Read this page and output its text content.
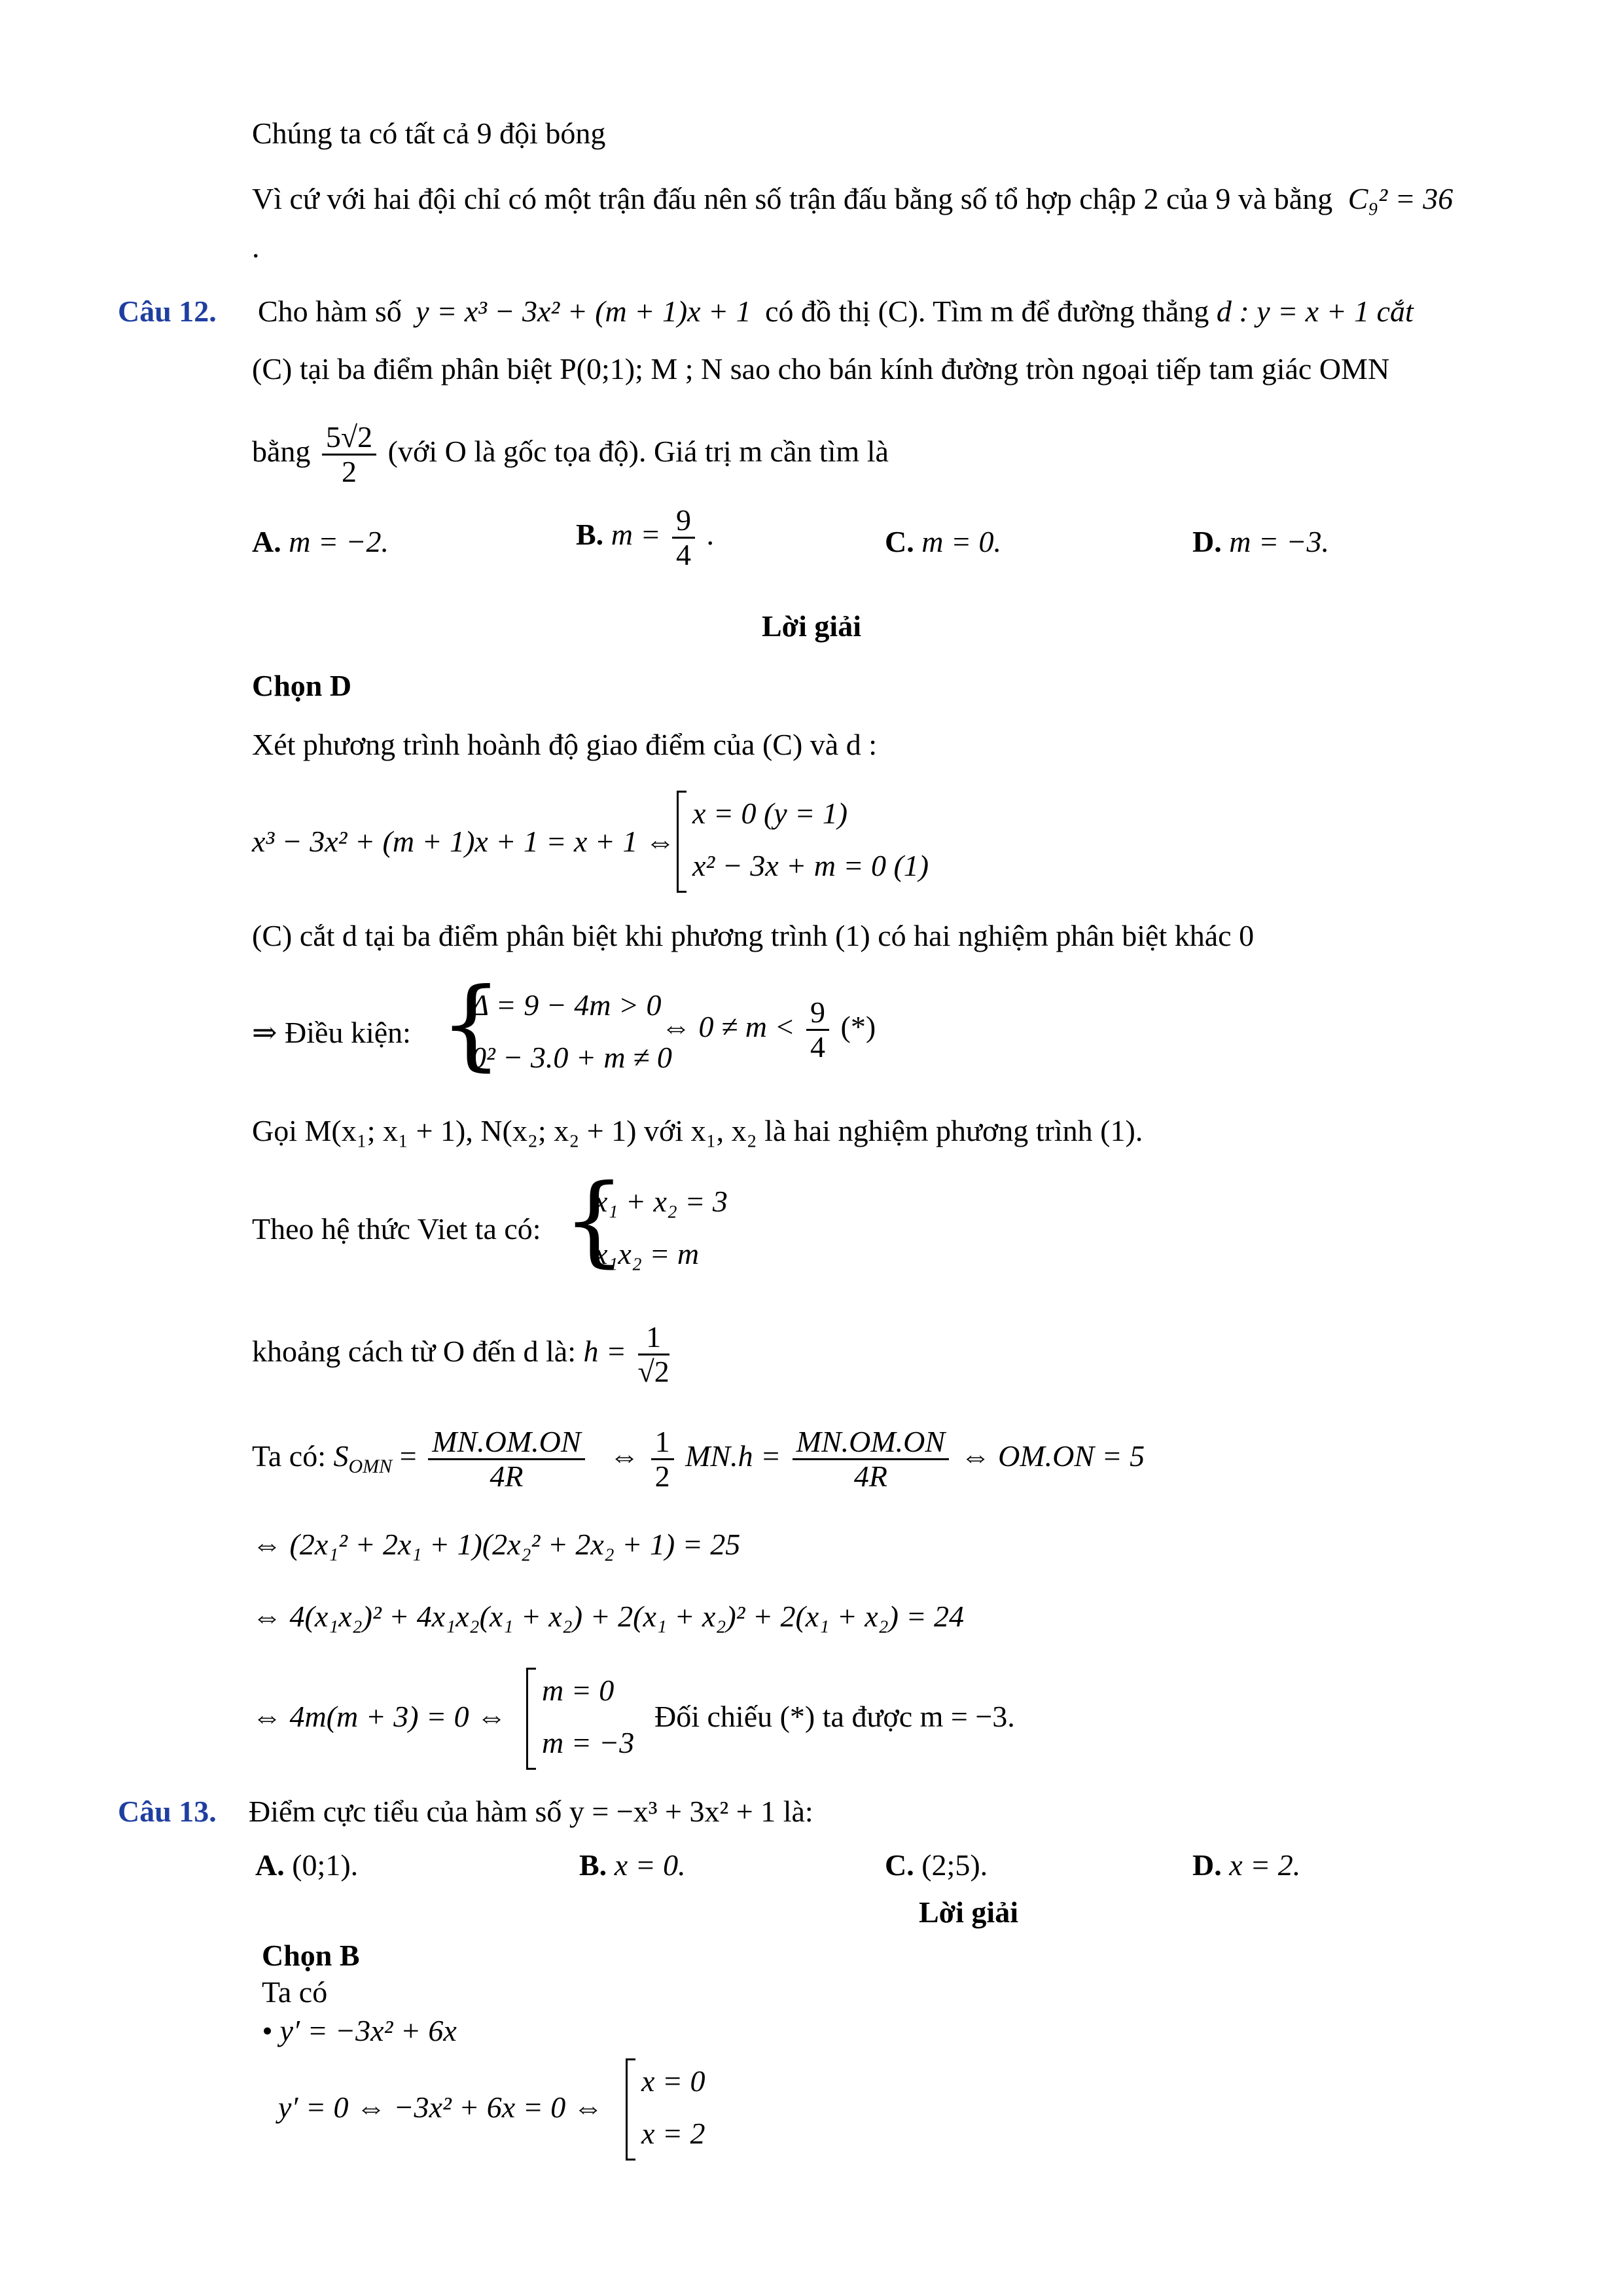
Chúng ta có tất cả 9 đội bóng
Vì cứ với hai đội chỉ có một trận đấu nên số trận đấu bằng số tổ hợp chập 2 của 9 và bằng C₉² = 36
.
Câu 12. Cho hàm số y = x³ − 3x² + (m + 1)x + 1 có đồ thị (C). Tìm m để đường thẳng d : y = x + 1 cắt
(C) tại ba điểm phân biệt P(0;1); M ; N sao cho bán kính đường tròn ngoại tiếp tam giác OMN
bằng $\frac{5√2}{2}$ (với O là gốc tọa độ). Giá trị m cần tìm là
A. m = −2.	B. $m = \frac{9}{4}$ .	C. m = 0.	D. m = −3.
Lời giải
Chọn D
Xét phương trình hoành độ giao điểm của (C) và d :
x³ − 3x² + (m + 1)x + 1 = x + 1 ⇔
x = 0 (y = 1)
x² − 3x + m = 0 (1)
(C) cắt d tại ba điểm phân biệt khi phương trình (1) có hai nghiệm phân biệt khác 0
⇒ Điều kiện: {
Δ = 9 − 4m > 0
0² − 3.0 + m ≠ 0
⇔ $0 \ne m < \frac{9}{4}$ (*)
Gọi M(x₁; x₁ + 1), N(x₂; x₂ + 1) với x₁, x₂ là hai nghiệm phương trình (1).
Theo hệ thức Viet ta có: {
x₁ + x₂ = 3
x₁x₂ = m
khoảng cách từ O đến d là: $h = \frac{1}{√2}$
Ta có: $S_{OMN} = \frac{MN.OM.ON}{4R}$ ⇔ $\frac{1}{2} MN.h = \frac{MN.OM.ON}{4R}$ ⇔ OM.ON = 5
⇔ (2x₁² + 2x₁ + 1)(2x₂² + 2x₂ + 1) = 25
⇔ 4(x₁x₂)² + 4x₁x₂(x₁ + x₂) + 2(x₁ + x₂)² + 2(x₁ + x₂) = 24
⇔ 4m(m + 3) = 0 ⇔
m = 0
m = −3
Đối chiếu (*) ta được m = −3.
Câu 13. Điểm cực tiểu của hàm số y = −x³ + 3x² + 1 là:
A. (0;1).	B. x = 0.	C. (2;5).	D. x = 2.
Lời giải
Chọn B
Ta có
• y′ = −3x² + 6x
y′ = 0 ⇔ −3x² + 6x = 0 ⇔
x = 0
x = 2
